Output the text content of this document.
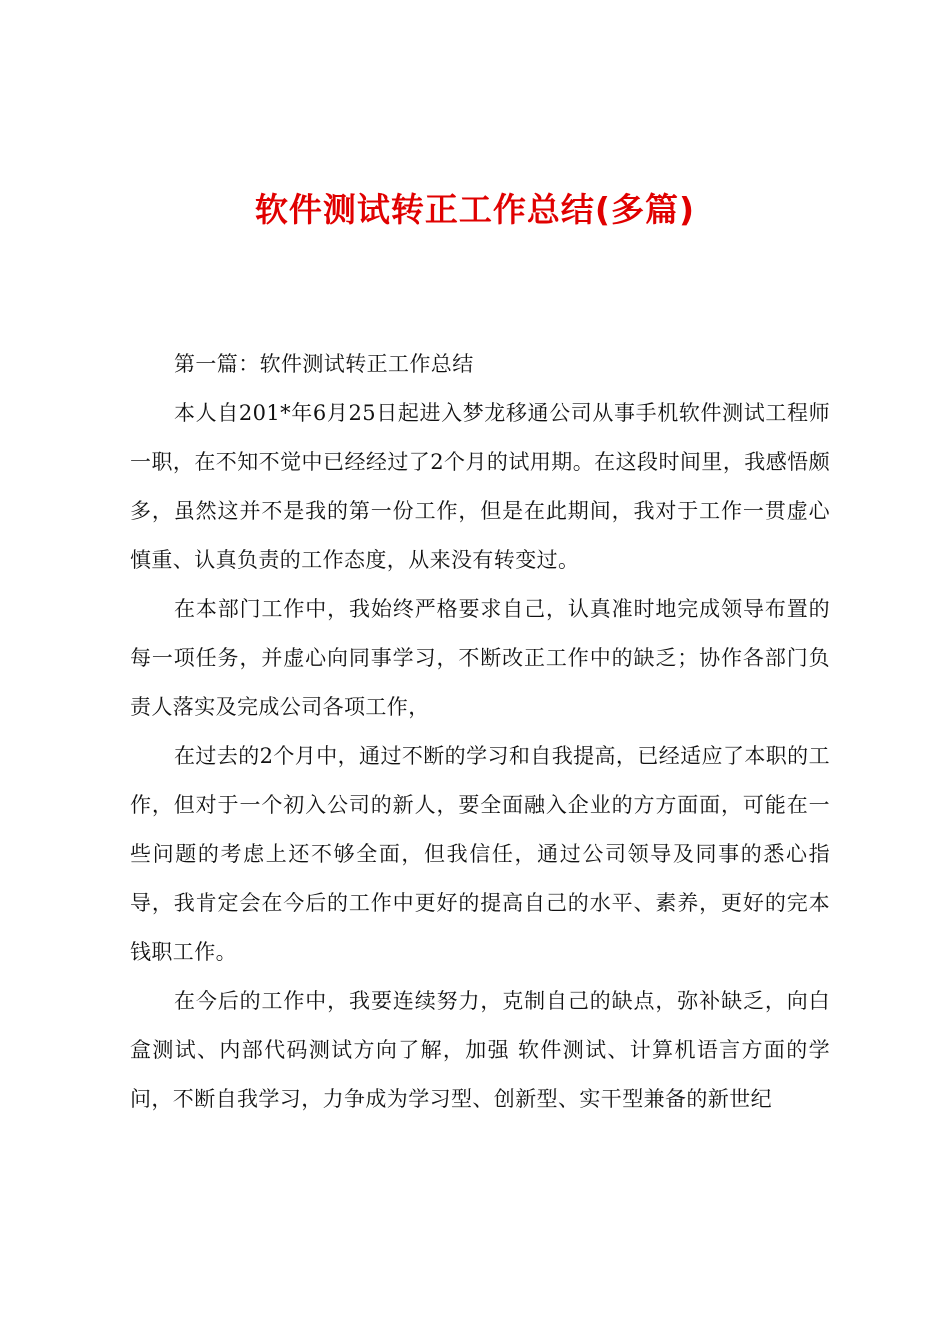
软件测试转正工作总结(多篇)

第一篇：软件测试转正工作总结

本人自201*年6月25日起进入梦龙移通公司从事手机软件测试工程师一职，在不知不觉中已经经过了2个月的试用期。在这段时间里，我感悟颇多，虽然这并不是我的第一份工作，但是在此期间，我对于工作一贯虚心慎重、认真负责的工作态度，从来没有转变过。

在本部门工作中，我始终严格要求自己，认真准时地完成领导布置的每一项任务，并虚心向同事学习，不断改正工作中的缺乏；协作各部门负责人落实及完成公司各项工作，

在过去的2个月中，通过不断的学习和自我提高，已经适应了本职的工作，但对于一个初入公司的新人，要全面融入企业的方方面面，可能在一些问题的考虑上还不够全面，但我信任，通过公司领导及同事的悉心指导，我肯定会在今后的工作中更好的提高自己的水平、素养，更好的完本钱职工作。

在今后的工作中，我要连续努力，克制自己的缺点，弥补缺乏，向白盒测试、内部代码测试方向了解，加强 软件测试、计算机语言方面的学问，不断自我学习，力争成为学习型、创新型、实干型兼备的新世纪
